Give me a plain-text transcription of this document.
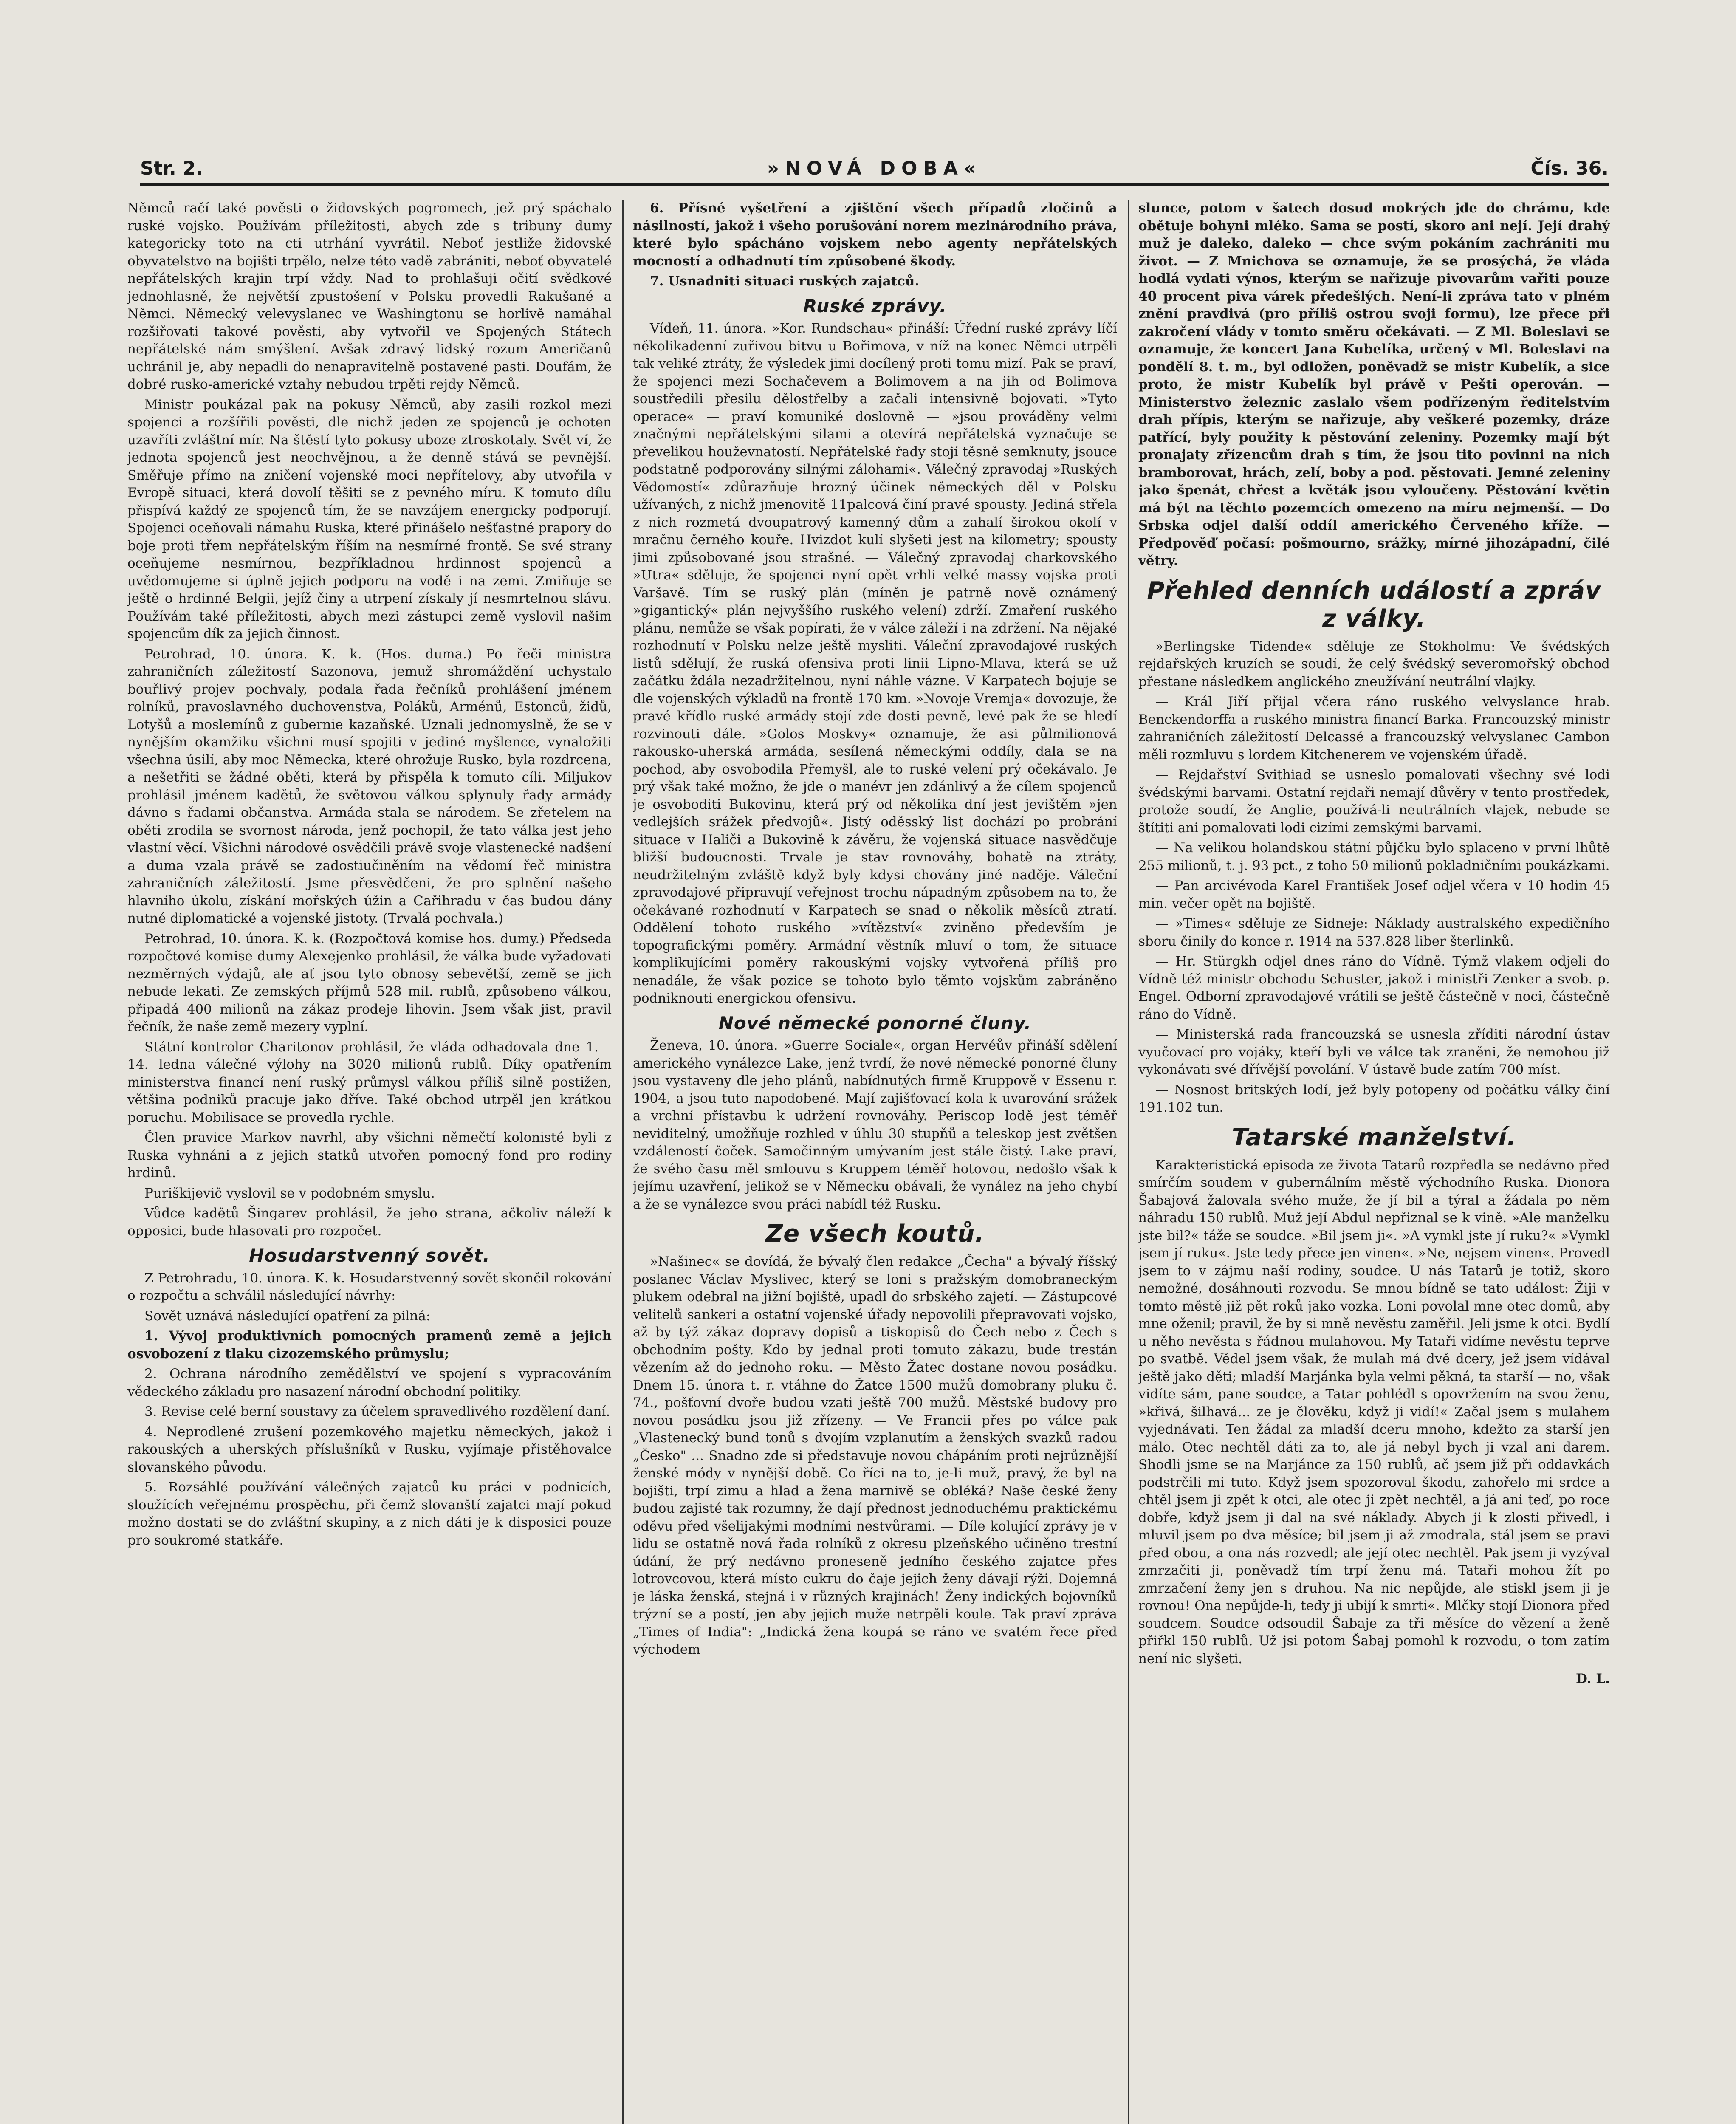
Str. 2.	»NOVÁ DOBA«	Čís. 36.

Němců račí také pověsti o židovských pogromech, jež prý spáchalo ruské vojsko. Používám příležitosti, abych zde s tribuny dumy kategoricky toto na cti utrhání vyvrátil. Neboť jestliže židovské obyvatelstvo na bojišti trpělo, nelze této vadě zabrániti, neboť obyvatelé nepřátelských krajin trpí vždy. Nad to prohlašuji očití svědkové jednohlasně, že největší zpustošení v Polsku provedli Rakušané a Němci. Německý velevyslanec ve Washingtonu se horlivě namáhal rozšiřovati takové pověsti, aby vytvořil ve Spojených Státech nepřátelské nám smýšlení. Avšak zdravý lidský rozum Američanů uchránil je, aby nepadli do nenapravitelně postavené pasti. Doufám, že dobré rusko-americké vztahy nebudou trpěti rejdy Němců.

Ministr poukázal pak na pokusy Němců, aby zasili rozkol mezi spojenci a rozšířili pověsti, dle nichž jeden ze spojenců je ochoten uzavříti zvláštní mír. Na štěstí tyto pokusy uboze ztroskotaly. Svět ví, že jednota spojenců jest neochvějnou, a že denně stává se pevnější. Směřuje přímo na zničení vojenské moci nepřítelovy, aby utvořila v Evropě situaci, která dovolí těšiti se z pevného míru. K tomuto dílu přispívá každý ze spojenců tím, že se navzájem energicky podporují. Spojenci oceňovali námahu Ruska, které přinášelo nešťastné prapory do boje proti třem nepřátelským říším na nesmírné frontě. Se své strany oceňujeme nesmírnou, bezpříkladnou hrdinnost spojenců a uvědomujeme si úplně jejich podporu na vodě i na zemi. Zmiňuje se ještě o hrdinné Belgii, jejíž činy a utrpení získaly jí nesmrtelnou slávu. Používám také příležitosti, abych mezi zástupci země vyslovil našim spojencům dík za jejich činnost.

Petrohrad, 10. února. K. k. (Hos. duma.) Po řeči ministra zahraničních záležitostí Sazonova, jemuž shromáždění uchystalo bouřlivý projev pochvaly, podala řada řečníků prohlášení jménem rolníků, pravoslavného duchovenstva, Poláků, Arménů, Estonců, židů, Lotyšů a moslemínů z gubernie kazaňské. Uznali jednomyslně, že se v nynějším okamžiku všichni musí spojiti v jediné myšlence, vynaložiti všechna úsilí, aby moc Německa, které ohrožuje Rusko, byla rozdrcena, a nešetřiti se žádné oběti, která by přispěla k tomuto cíli. Miljukov prohlásil jménem kadětů, že světovou válkou splynuly řady armády dávno s řadami občanstva. Armáda stala se národem. Se zřetelem na oběti zrodila se svornost národa, jenž pochopil, že tato válka jest jeho vlastní věcí. Všichni národové osvědčili právě svoje vlastenecké nadšení a duma vzala právě se zadostiučiněním na vědomí řeč ministra zahraničních záležitostí. Jsme přesvědčeni, že pro splnění našeho hlavního úkolu, získání mořských úžin a Cařihradu v čas budou dány nutné diplomatické a vojenské jistoty. (Trvalá pochvala.)

Petrohrad, 10. února. K. k. (Rozpočtová komise hos. dumy.) Předseda rozpočtové komise dumy Alexejenko prohlásil, že válka bude vyžadovati nezměrných výdajů, ale ať jsou tyto obnosy sebevětší, země se jich nebude lekati. Ze zemských příjmů 528 mil. rublů, způsobeno válkou, připadá 400 milionů na zákaz prodeje lihovin. Jsem však jist, pravil řečník, že naše země mezery vyplní.

Státní kontrolor Charitonov prohlásil, že vláda odhadovala dne 1.—14. ledna válečné výlohy na 3020 milionů rublů. Díky opatřením ministerstva financí není ruský průmysl válkou příliš silně postižen, většina podniků pracuje jako dříve. Také obchod utrpěl jen krátkou poruchu. Mobilisace se provedla rychle.

Člen pravice Markov navrhl, aby všichni němečtí kolonisté byli z Ruska vyhnáni a z jejich statků utvořen pomocný fond pro rodiny hrdinů.

Puriškijevič vyslovil se v podobném smyslu.

Vůdce kadětů Šingarev prohlásil, že jeho strana, ačkoliv náleží k opposici, bude hlasovati pro rozpočet.

Hosudarstvenný sovět.

Z Petrohradu, 10. února. K. k. Hosudarstvenný sovět skončil rokování o rozpočtu a schválil následující návrhy:

Sovět uznává následující opatření za pilná:

1. Vývoj produktivních pomocných pramenů země a jejich osvobození z tlaku cizozemského průmyslu;

2. Ochrana národního zemědělství ve spojení s vypracováním vědeckého základu pro nasazení národní obchodní politiky.

3. Revise celé berní soustavy za účelem spravedlivého rozdělení daní.

4. Neprodlené zrušení pozemkového majetku německých, jakož i rakouských a uherských příslušníků v Rusku, vyjímaje přistěhovalce slovanského původu.

5. Rozsáhlé používání válečných zajatců ku práci v podnicích, sloužících veřejnému prospěchu, při čemž slovanští zajatci mají pokud možno dostati se do zvláštní skupiny, a z nich dáti je k disposici pouze pro soukromé statkáře.

6. Přísné vyšetření a zjištění všech případů zločinů a násilností, jakož i všeho porušování norem mezinárodního práva, které bylo spácháno vojskem nebo agenty nepřátelských mocností a odhadnutí tím způsobené škody.

7. Usnadniti situaci ruských zajatců.

Ruské zprávy.

Vídeň, 11. února. »Kor. Rundschau« přináší: Úřední ruské zprávy líčí několikadenní zuřivou bitvu u Bořimova, v níž na konec Němci utrpěli tak veliké ztráty, že výsledek jimi docílený proti tomu mizí. Pak se praví, že spojenci mezi Sochačevem a Bolimovem a na jih od Bolimova soustředili přesilu dělostřelby a začali intensivně bojovati. »Tyto operace« — praví komuniké doslovně — »jsou prováděny velmi značnými nepřátelskými silami a otevírá nepřátelská vyznačuje se převelikou houževnatostí. Nepřátelské řady stojí těsně semknuty, jsouce podstatně podporovány silnými zálohami«. Válečný zpravodaj »Ruských Vědomostí« zdůrazňuje hrozný účinek německých děl v Polsku užívaných, z nichž jmenovitě 11palcová činí pravé spousty. Jediná střela z nich rozmetá dvoupatrový kamenný dům a zahalí širokou okolí v mračnu černého kouře. Hvizdot kulí slyšeti jest na kilometry; spousty jimi způsobované jsou strašné. — Válečný zpravodaj charkovského »Utra« sděluje, že spojenci nyní opět vrhli velké massy vojska proti Varšavě. Tím se ruský plán (míněn je patrně nově oznámený »gigantický« plán nejvyššího ruského velení) zdrží. Zmaření ruského plánu, nemůže se však popírati, že v válce záleží i na zdržení. Na nějaké rozhodnutí v Polsku nelze ještě mysliti. Váleční zpravodajové ruských listů sdělují, že ruská ofensiva proti linii Lipno-Mlava, která se už začátku ždála nezadržitelnou, nyní náhle vázne. V Karpatech bojuje se dle vojenských výkladů na frontě 170 km. »Novoje Vremja« dovozuje, že pravé křídlo ruské armády stojí zde dosti pevně, levé pak že se hledí rozvinouti dále. »Golos Moskvy« oznamuje, že asi půlmilionová rakousko-uherská armáda, sesílená německými oddíly, dala se na pochod, aby osvobodila Přemyšl, ale to ruské velení prý očekávalo. Je prý však také možno, že jde o manévr jen zdánlivý a že cílem spojenců je osvoboditi Bukovinu, která prý od několika dní jest jevištěm »jen vedlejších srážek předvojů«. Jistý oděsský list dochází po probrání situace v Haliči a Bukovině k závěru, že vojenská situace nasvědčuje bližší budoucnosti. Trvale je stav rovnováhy, bohatě na ztráty, neudržitelným zvláště když byly kdysi chovány jiné naděje. Váleční zpravodajové připravují veřejnost trochu nápadným způsobem na to, že očekávané rozhodnutí v Karpatech se snad o několik měsíců ztratí. Oddělení tohoto ruského »vítězství« zviněno především je topografickými poměry. Armádní věstník mluví o tom, že situace komplikujícími poměry rakouskými vojsky vytvořená příliš pro nenadále, že však pozice se tohoto bylo těmto vojskům zabráněno podniknouti energickou ofensivu.

Nové německé ponorné čluny.

Ženeva, 10. února. »Guerre Sociale«, organ Hervéův přináší sdělení amerického vynálezce Lake, jenž tvrdí, že nové německé ponorné čluny jsou vystaveny dle jeho plánů, nabídnutých firmě Kruppově v Essenu r. 1904, a jsou tuto napodobené. Mají zajišťovací kola k uvarování srážek a vrchní přístavbu k udržení rovnováhy. Periscop lodě jest téměř neviditelný, umožňuje rozhled v úhlu 30 stupňů a teleskop jest zvětšen vzdáleností čoček. Samočinným umývaním jest stále čistý. Lake praví, že svého času měl smlouvu s Kruppem téměř hotovou, nedošlo však k jejímu uzavření, jelikož se v Německu obávali, že vynález na jeho chybí a že se vynálezce svou práci nabídl též Rusku.

Ze všech koutů.

»Našinec« se dovídá, že bývalý člen redakce „Čecha" a bývalý říšský poslanec Václav Myslivec, který se loni s pražským domobraneckým plukem odebral na jižní bojiště, upadl do srbského zajetí. — Zástupcové velitelů sankeri a ostatní vojenské úřady nepovolili přepravovati vojsko, až by týž zákaz dopravy dopisů a tiskopisů do Čech nebo z Čech s obchodním pošty. Kdo by jednal proti tomuto zákazu, bude trestán vězením až do jednoho roku. — Město Žatec dostane novou posádku. Dnem 15. února t. r. vtáhne do Žatce 1500 mužů domobrany pluku č. 74., pošťovní dvoře budou vzati ještě 700 mužů. Městské budovy pro novou posádku jsou již zřízeny. — Ve Francii přes po válce pak „Vlastenecký bund tonů s dvojím vzplanutím a ženských svazků radou „Česko" ... Snadno zde si představuje novou chápáním proti nejrůznější ženské módy v nynější době. Co říci na to, je-li muž, pravý, že byl na bojišti, trpí zimu a hlad a žena marnivě se obléká? Naše české ženy budou zajisté tak rozumny, že dají přednost jednoduchému praktickému oděvu před všelijakými modními nestvůrami. — Díle kolující zprávy je v lidu se ostatně nová řada rolníků z okresu plzeňského učiněno trestní údání, že prý nedávno proneseně jedního českého zajatce přes lotrovcovou, která místo cukru do čaje jejich ženy dávají rýži. Dojemná je láska ženská, stejná i v různých krajinách! Ženy indických bojovníků trýzní se a postí, jen aby jejich muže netrpěli koule. Tak praví zpráva „Times of India": „Indická žena koupá se ráno ve svatém řece před východem

slunce, potom v šatech dosud mokrých jde do chrámu, kde obětuje bohyni mléko. Sama se postí, skoro ani nejí. Její drahý muž je daleko, daleko — chce svým pokáním zachrániti mu život. — Z Mnichova se oznamuje, že se prosýchá, že vláda hodlá vydati výnos, kterým se nařizuje pivovarům vařiti pouze 40 procent piva várek předešlých. Není-li zpráva tato v plném znění pravdivá (pro příliš ostrou svoji formu), lze přece při zakročení vlády v tomto směru očekávati. — Z Ml. Boleslavi se oznamuje, že koncert Jana Kubelíka, určený v Ml. Boleslavi na pondělí 8. t. m., byl odložen, poněvadž se mistr Kubelík, a sice proto, že mistr Kubelík byl právě v Pešti operován. — Ministerstvo železnic zaslalo všem podřízeným ředitelstvím drah přípis, kterým se nařizuje, aby veškeré pozemky, dráze patřící, byly použity k pěstování zeleniny. Pozemky mají být pronajaty zřízencům drah s tím, že jsou tito povinni na nich bramborovat, hrách, zelí, boby a pod. pěstovati. Jemné zeleniny jako špenát, chřest a květák jsou vyloučeny. Pěstování květin má být na těchto pozemcích omezeno na míru nejmenší. — Do Srbska odjel další oddíl amerického Červeného kříže. — Předpověď počasí: pošmourno, srážky, mírné jihozápadní, čilé větry.

Přehled denních událostí a zpráv z války.

»Berlingske Tidende« sděluje ze Stokholmu: Ve švédských rejdařských kruzích se soudí, že celý švédský severomořský obchod přestane následkem anglického zneužívání neutrální vlajky.

— Král Jiří přijal včera ráno ruského velvyslance hrab. Benckendorffa a ruského ministra financí Barka. Francouzský ministr zahraničních záležitostí Delcassé a francouzský velvyslanec Cambon měli rozmluvu s lordem Kitchenerem ve vojenském úřadě.

— Rejdařství Svithiad se usneslo pomalovati všechny své lodi švédskými barvami. Ostatní rejdaři nemají důvěry v tento prostředek, protože soudí, že Anglie, používá-li neutrálních vlajek, nebude se štítiti ani pomalovati lodi cizími zemskými barvami.

— Na velikou holandskou státní půjčku bylo splaceno v první lhůtě 255 milionů, t. j. 93 pct., z toho 50 milionů pokladničními poukázkami.

— Pan arcivévoda Karel František Josef odjel včera v 10 hodin 45 min. večer opět na bojiště.

— »Times« sděluje ze Sidneje: Náklady australského expedičního sboru činily do konce r. 1914 na 537.828 liber šterlinků.

— Hr. Stürgkh odjel dnes ráno do Vídně. Týmž vlakem odjeli do Vídně též ministr obchodu Schuster, jakož i ministři Zenker a svob. p. Engel. Odborní zpravodajové vrátili se ještě částečně v noci, částečně ráno do Vídně.

— Ministerská rada francouzská se usnesla zříditi národní ústav vyučovací pro vojáky, kteří byli ve válce tak zraněni, že nemohou již vykonávati své dřívější povolání. V ústavě bude zatím 700 míst.

— Nosnost britských lodí, jež byly potopeny od počátku války činí 191.102 tun.

Tatarské manželství.

Karakteristická episoda ze života Tatarů rozpředla se nedávno před smírčím soudem v gubernálním městě východního Ruska. Dionora Šabajová žalovala svého muže, že jí bil a týral a žádala po něm náhradu 150 rublů. Muž její Abdul nepřiznal se k vině. »Ale manželku jste bil?« táže se soudce. »Bil jsem ji«. »A vymkl jste jí ruku?« »Vymkl jsem jí ruku«. Jste tedy přece jen vinen«. »Ne, nejsem vinen«. Provedl jsem to v zájmu naší rodiny, soudce. U nás Tatarů je totiž, skoro nemožné, dosáhnouti rozvodu. Se mnou bídně se tato událost: Žiji v tomto městě již pět roků jako vozka. Loni povolal mne otec domů, aby mne oženil; pravil, že by si mně nevěstu zaměřil. Jeli jsme k otci. Bydlí u něho nevěsta s řádnou mulahovou. My Tataři vidíme nevěstu teprve po svatbě. Vědel jsem však, že mulah má dvě dcery, jež jsem vídával ještě jako děti; mladší Marjánka byla velmi pěkná, ta starší — no, však vidíte sám, pane soudce, a Tatar pohlédl s opovržením na svou ženu, »křivá, šilhavá... ze je člověku, když ji vidí!« Začal jsem s mulahem vyjednávati. Ten žádal za mladší dceru mnoho, kdežto za starší jen málo. Otec nechtěl dáti za to, ale já nebyl bych ji vzal ani darem. Shodli jsme se na Marjánce za 150 rublů, ač jsem již při oddavkách podstrčili mi tuto. Když jsem spozoroval škodu, zahořelo mi srdce a chtěl jsem ji zpět k otci, ale otec ji zpět nechtěl, a já ani teď, po roce dobře, když jsem ji dal na své náklady. Abych ji k zlosti přivedl, i mluvil jsem po dva měsíce; bil jsem ji až zmodrala, stál jsem se pravi před obou, a ona nás rozvedl; ale její otec nechtěl. Pak jsem ji vyzýval zmrzačiti ji, poněvadž tím trpí ženu má. Tataři mohou žít po zmrzačení ženy jen s druhou. Na nic nepůjde, ale stiskl jsem ji je rovnou! Ona nepůjde-li, tedy ji ubijí k smrti«. Mlčky stojí Dionora před soudcem. Soudce odsoudil Šabaje za tři měsíce do vězení a ženě přiřkl 150 rublů. Už jsi potom Šabaj pomohl k rozvodu, o tom zatím není nic slyšeti.

D. L.
